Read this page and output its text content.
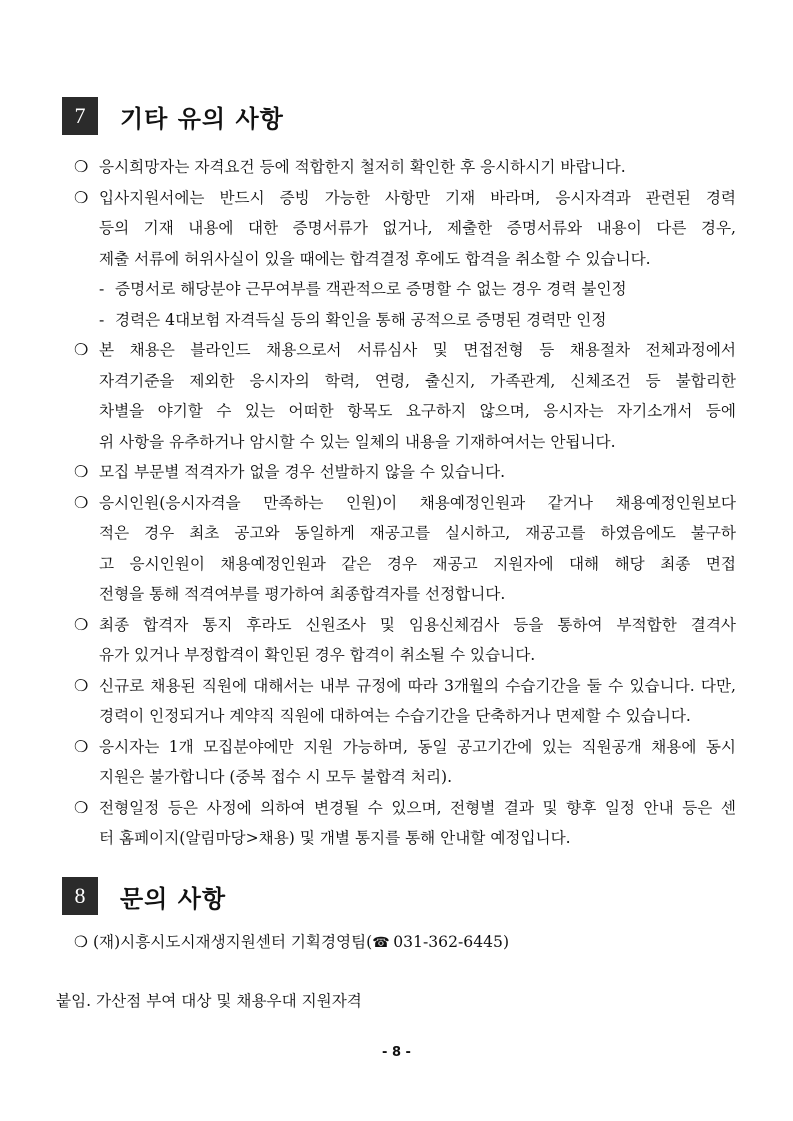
7	기타 유의 사항
❍ 응시희망자는 자격요건 등에 적합한지 철저히 확인한 후 응시하시기 바랍니다.
❍ 입사지원서에는 반드시 증빙 가능한 사항만 기재 바라며, 응시자격과 관련된 경력
등의 기재 내용에 대한 증명서류가 없거나, 제출한 증명서류와 내용이 다른 경우,
제출 서류에 허위사실이 있을 때에는 합격결정 후에도 합격을 취소할 수 있습니다.
- 증명서로 해당분야 근무여부를 객관적으로 증명할 수 없는 경우 경력 불인정
- 경력은 4대보험 자격득실 등의 확인을 통해 공적으로 증명된 경력만 인정
❍ 본 채용은 블라인드 채용으로서 서류심사 및 면접전형 등 채용절차 전체과정에서
자격기준을 제외한 응시자의 학력, 연령, 출신지, 가족관계, 신체조건 등 불합리한
차별을 야기할 수 있는 어떠한 항목도 요구하지 않으며, 응시자는 자기소개서 등에
위 사항을 유추하거나 암시할 수 있는 일체의 내용을 기재하여서는 안됩니다.
❍ 모집 부문별 적격자가 없을 경우 선발하지 않을 수 있습니다.
❍ 응시인원(응시자격을 만족하는 인원)이 채용예정인원과 같거나 채용예정인원보다
적은 경우 최초 공고와 동일하게 재공고를 실시하고, 재공고를 하였음에도 불구하
고 응시인원이 채용예정인원과 같은 경우 재공고 지원자에 대해 해당 최종 면접
전형을 통해 적격여부를 평가하여 최종합격자를 선정합니다.
❍ 최종 합격자 통지 후라도 신원조사 및 임용신체검사 등을 통하여 부적합한 결격사
유가 있거나 부정합격이 확인된 경우 합격이 취소될 수 있습니다.
❍ 신규로 채용된 직원에 대해서는 내부 규정에 따라 3개월의 수습기간을 둘 수 있습니다. 다만,
경력이 인정되거나 계약직 직원에 대하여는 수습기간을 단축하거나 면제할 수 있습니다.
❍ 응시자는 1개 모집분야에만 지원 가능하며, 동일 공고기간에 있는 직원공개 채용에 동시
지원은 불가합니다 (중복 접수 시 모두 불합격 처리).
❍ 전형일정 등은 사정에 의하여 변경될 수 있으며, 전형별 결과 및 향후 일정 안내 등은 센
터 홈페이지(알림마당>채용) 및 개별 통지를 통해 안내할 예정입니다.
8	문의 사항
❍ (재)시흥시도시재생지원센터 기획경영팀(☎ 031-362-6445)
붙임. 가산점 부여 대상 및 채용우대 지원자격
- 8 -
